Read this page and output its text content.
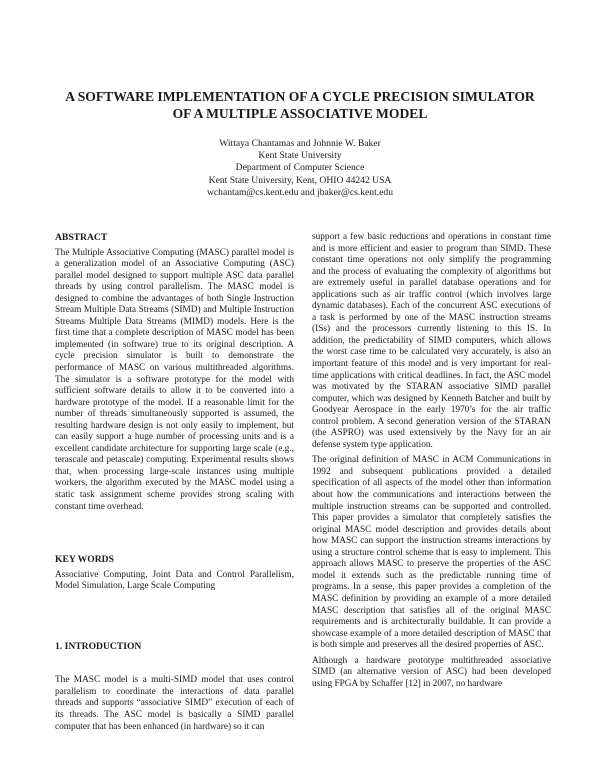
A SOFTWARE IMPLEMENTATION OF A CYCLE PRECISION SIMULATOR
OF A MULTIPLE ASSOCIATIVE MODEL
Wittaya Chantamas and Johnnie W. Baker
Kent State University
Department of Computer Science
Kent State University, Kent, OHIO 44242 USA
wchantam@cs.kent.edu and jbaker@cs.kent.edu
ABSTRACT

The Multiple Associative Computing (MASC) parallel model is a generalization model of an Associative Computing (ASC) parallel model designed to support multiple ASC data parallel threads by using control parallelism. The MASC model is designed to combine the advantages of both Single Instruction Stream Multiple Data Streams (SIMD) and Multiple Instruction Streams Multiple Data Streams (MIMD) models. Here is the first time that a complete description of MASC model has been implemented (in software) true to its original description. A cycle precision simulator is built to demonstrate the performance of MASC on various multithreaded algorithms. The simulator is a software prototype for the model with sufficient software details to allow it to be converted into a hardware prototype of the model. If a reasonable limit for the number of threads simultaneously supported is assumed, the resulting hardware design is not only easily to implement, but can easily support a huge number of processing units and is a excellent candidate architecture for supporting large scale (e.g., terascale and petascale) computing. Experimental results shows that, when processing large-scale instances using multiple workers, the algorithm executed by the MASC model using a static task assignment scheme provides strong scaling with constant time overhead.

KEY WORDS

Associative Computing, Joint Data and Control Parallelism, Model Simulation, Large Scale Computing

1. INTRODUCTION

The MASC model is a multi-SIMD model that uses control parallelism to coordinate the interactions of data parallel threads and supports “associative SIMD” execution of each of its threads. The ASC model is basically a SIMD parallel computer that has been enhanced (in hardware) so it can

support a few basic reductions and operations in constant time and is more efficient and easier to program than SIMD. These constant time operations not only simplify the programming and the process of evaluating the complexity of algorithms but are extremely useful in parallel database operations and for applications such as air traffic control (which involves large dynamic databases). Each of the concurrent ASC executions of a task is performed by one of the MASC instruction streams (ISs) and the processors currently listening to this IS. In addition, the predictability of SIMD computers, which allows the worst case time to be calculated very accurately, is also an important feature of this model and is very important for real-time applications with critical deadlines. In fact, the ASC model was motivated by the STARAN associative SIMD parallel computer, which was designed by Kenneth Batcher and built by Goodyear Aerospace in the early 1970’s for the air traffic control problem. A second generation version of the STARAN (the ASPRO) was used extensively by the Navy for an air defense system type application.

The original definition of MASC in ACM Communications in 1992 and subsequent publications provided a detailed specification of all aspects of the model other than information about how the communications and interactions between the multiple instruction streams can be supported and controlled. This paper provides a simulator that completely satisfies the original MASC model description and provides details about how MASC can support the instruction streams interactions by using a structure control scheme that is easy to implement. This approach allows MASC to preserve the properties of the ASC model it extends such as the predictable running time of programs. In a sense, this paper provides a completion of the MASC definition by providing an example of a more detailed MASC description that satisfies all of the original MASC requirements and is architecturally buildable. It can provide a showcase example of a more detailed description of MASC that is both simple and preserves all the desired properties of ASC.

Although a hardware prototype multithreaded associative SIMD (an alternative version of ASC) had been developed using FPGA by Schaffer [12] in 2007, no hardware
